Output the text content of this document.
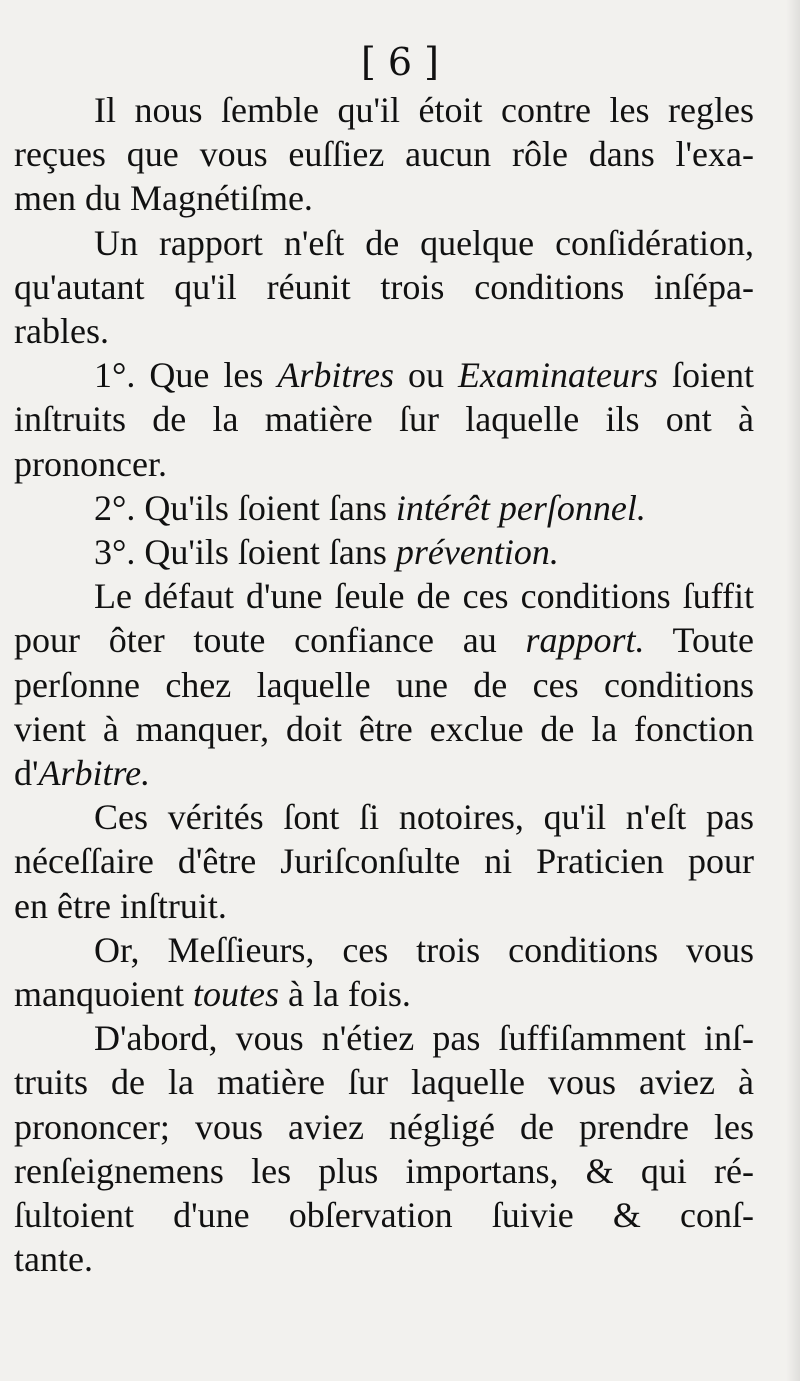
[ 6 ]

Il nous ſemble qu'il étoit contre les regles
reçues que vous euſſiez aucun rôle dans l'exa-
men du Magnétiſme.

Un rapport n'eſt de quelque conſidération,
qu'autant qu'il réunit trois conditions inſépa-
rables.

1°. Que les Arbitres ou Examinateurs ſoient
inſtruits de la matière ſur laquelle ils ont à
prononcer.

2°. Qu'ils ſoient ſans intérêt perſonnel.

3°. Qu'ils ſoient ſans prévention.

Le défaut d'une ſeule de ces conditions ſuffit
pour ôter toute confiance au rapport. Toute
perſonne chez laquelle une de ces conditions
vient à manquer, doit être exclue de la fonction
d'Arbitre.

Ces vérités ſont ſi notoires, qu'il n'eſt pas
néceſſaire d'être Juriſconſulte ni Praticien pour
en être inſtruit.

Or, Meſſieurs, ces trois conditions vous
manquoient toutes à la fois.

D'abord, vous n'étiez pas ſuffiſamment inſ-
truits de la matière ſur laquelle vous aviez à
prononcer; vous aviez négligé de prendre les
renſeignemens les plus importans, & qui ré-
ſultoient d'une obſervation ſuivie & conſ-
tante.
